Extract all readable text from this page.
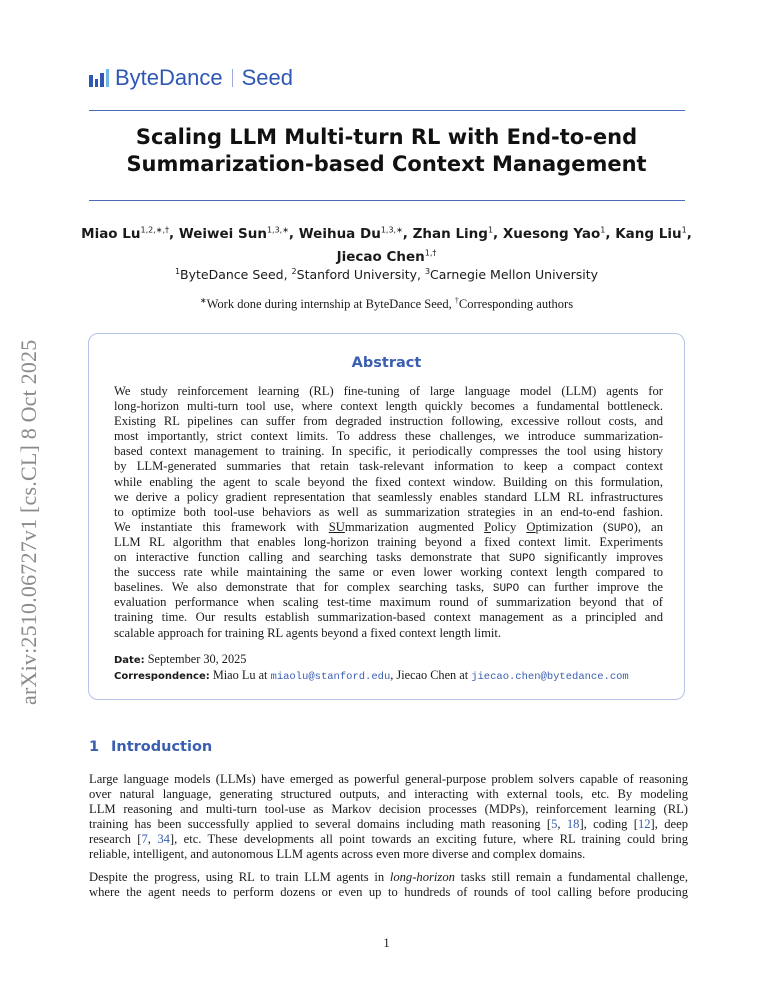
arXiv:2510.06727v1 [cs.CL] 8 Oct 2025
ByteDance Seed
Scaling LLM Multi-turn RL with End-to-end
Summarization-based Context Management
Miao $Lu^{1,2,∗,\dagger}$, Weiwei Sun$^{1,3,∗}$, Weihua $Du^{1,3,∗}$, Zhan Ling$^1$, Xuesong Yao$^1$, Kang Liu$^1$,
Jiecao Chen$^{1,\dagger}$
$^1$ByteDance Seed, $^2$Stanford University, $^3$Carnegie Mellon University
∗Work done during internship at ByteDance Seed, †Corresponding authors
Abstract
We study reinforcement learning (RL) fine-tuning of large language model (LLM) agents for
long-horizon multi-turn tool use, where context length quickly becomes a fundamental bottleneck.
Existing RL pipelines can suffer from degraded instruction following, excessive rollout costs, and
most importantly, strict context limits. To address these challenges, we introduce summarization-
based context management to training. In specific, it periodically compresses the tool using history
by LLM-generated summaries that retain task-relevant information to keep a compact context
while enabling the agent to scale beyond the fixed context window. Building on this formulation,
we derive a policy gradient representation that seamlessly enables standard LLM RL infrastructures
to optimize both tool-use behaviors as well as summarization strategies in an end-to-end fashion.
We instantiate this framework with SUmmarization augmented Policy Optimization (SUPO), an
LLM RL algorithm that enables long-horizon training beyond a fixed context limit. Experiments
on interactive function calling and searching tasks demonstrate that SUPO significantly improves
the success rate while maintaining the same or even lower working context length compared to
baselines. We also demonstrate that for complex searching tasks, SUPO can further improve the
evaluation performance when scaling test-time maximum round of summarization beyond that of
training time. Our results establish summarization-based context management as a principled and
scalable approach for training RL agents beyond a fixed context length limit.
Date: September 30, 2025
Correspondence: Miao Lu at miaolu@stanford.edu, Jiecao Chen at jiecao.chen@bytedance.com
1 Introduction
Large language models (LLMs) have emerged as powerful general-purpose problem solvers capable of reasoning
over natural language, generating structured outputs, and interacting with external tools, etc. By modeling
LLM reasoning and multi-turn tool-use as Markov decision processes (MDPs), reinforcement learning (RL)
training has been successfully applied to several domains including math reasoning [5, 18], coding [12], deep
research [7, 34], etc. These developments all point towards an exciting future, where RL training could bring
reliable, intelligent, and autonomous LLM agents across even more diverse and complex domains.
Despite the progress, using RL to train LLM agents in long-horizon tasks still remain a fundamental challenge,
where the agent needs to perform dozens or even up to hundreds of rounds of tool calling before producing
1
